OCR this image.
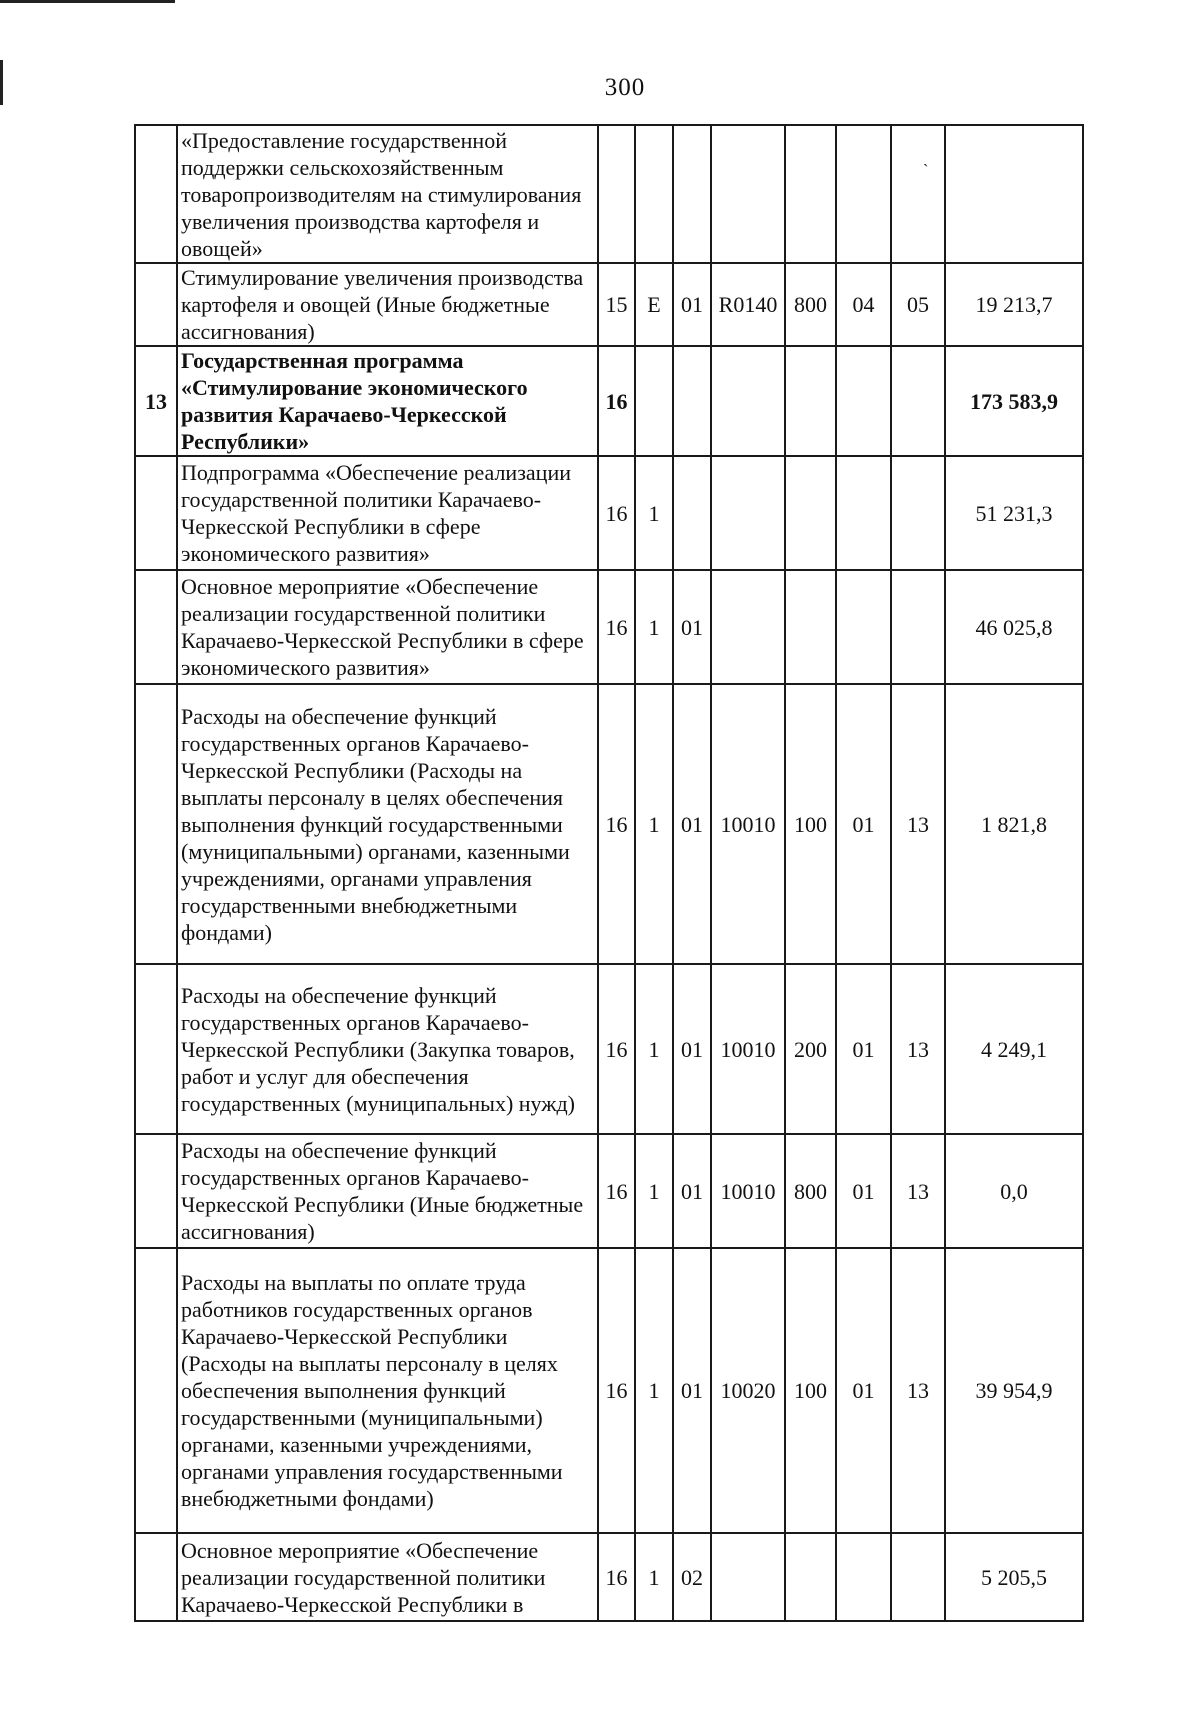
300
ˋ
	«Предоставление государственной поддержки сельскохозяйственным товаропроизводителям на стимулирования увеличения производства картофеля и овощей»								
	Стимулирование увеличения производства картофеля и овощей (Иные бюджетные ассигнования)	15	E	01	R0140	800	04	05	19 213,7
13	Государственная программа «Стимулирование экономического развития Карачаево-Черкесской Республики»	16							173 583,9
	Подпрограмма «Обеспечение реализации государственной политики Карачаево-Черкесской Республики в сфере экономического развития»	16	1						51 231,3
	Основное мероприятие «Обеспечение реализации государственной политики Карачаево-Черкесской Республики в сфере экономического развития»	16	1	01					46 025,8
	Расходы на обеспечение функций государственных органов Карачаево-Черкесской Республики (Расходы на выплаты персоналу в целях обеспечения выполнения функций государственными (муниципальными) органами, казенными учреждениями, органами управления государственными внебюджетными фондами)	16	1	01	10010	100	01	13	1 821,8
	Расходы на обеспечение функций государственных органов Карачаево-Черкесской Республики (Закупка товаров, работ и услуг для обеспечения государственных (муниципальных) нужд)	16	1	01	10010	200	01	13	4 249,1
	Расходы на обеспечение функций государственных органов Карачаево-Черкесской Республики (Иные бюджетные ассигнования)	16	1	01	10010	800	01	13	0,0
	Расходы на выплаты по оплате труда работников государственных органов Карачаево-Черкесской Республики (Расходы на выплаты персоналу в целях обеспечения выполнения функций государственными (муниципальными) органами, казенными учреждениями, органами управления государственными внебюджетными фондами)	16	1	01	10020	100	01	13	39 954,9
	Основное мероприятие «Обеспечение реализации государственной политики Карачаево-Черкесской Республики в	16	1	02					5 205,5
